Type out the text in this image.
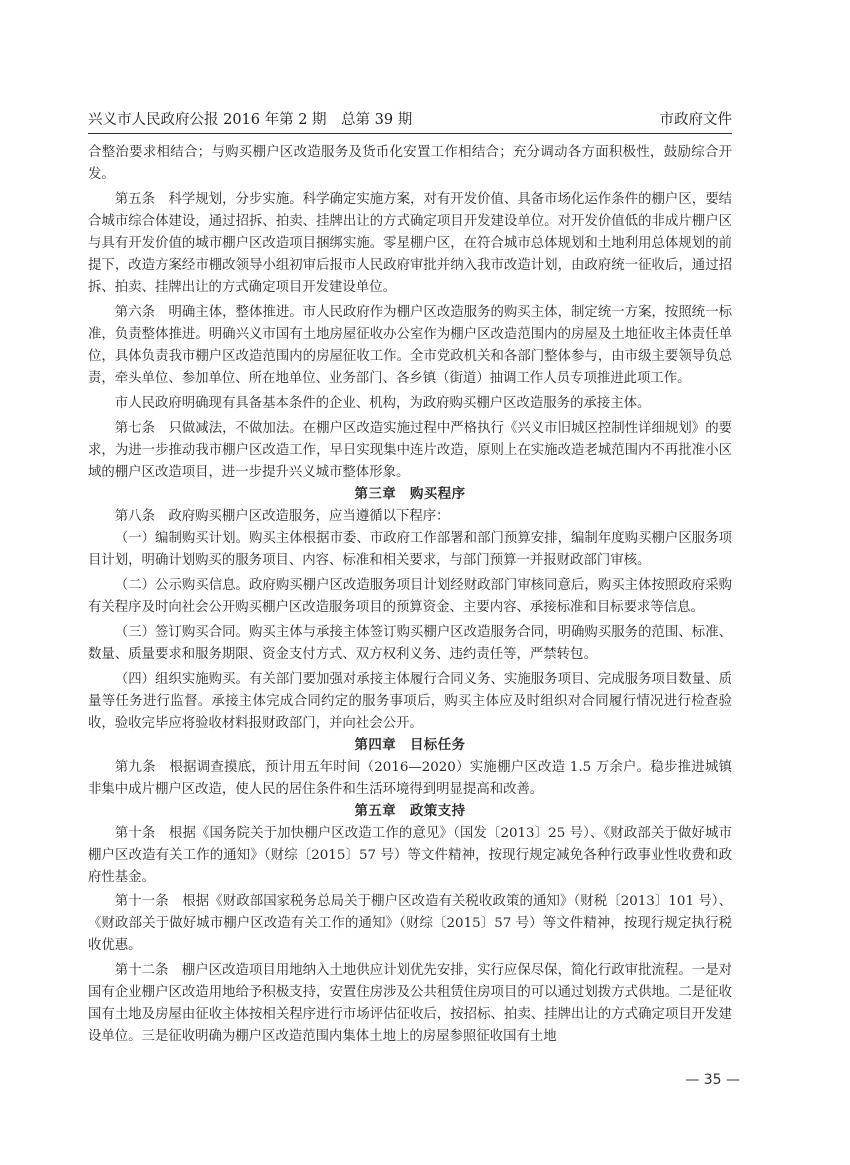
兴义市人民政府公报 2016 年第 2 期　总第 39 期	市政府文件

合整治要求相结合；与购买棚户区改造服务及货币化安置工作相结合；充分调动各方面积极性，鼓励综合开发。

第五条　科学规划，分步实施。科学确定实施方案，对有开发价值、具备市场化运作条件的棚户区，要结合城市综合体建设，通过招拆、拍卖、挂牌出让的方式确定项目开发建设单位。对开发价值低的非成片棚户区与具有开发价值的城市棚户区改造项目捆绑实施。零星棚户区，在符合城市总体规划和土地利用总体规划的前提下，改造方案经市棚改领导小组初审后报市人民政府审批并纳入我市改造计划，由政府统一征收后，通过招拆、拍卖、挂牌出让的方式确定项目开发建设单位。

第六条　明确主体，整体推进。市人民政府作为棚户区改造服务的购买主体，制定统一方案，按照统一标准，负责整体推进。明确兴义市国有土地房屋征收办公室作为棚户区改造范围内的房屋及土地征收主体责任单位，具体负责我市棚户区改造范围内的房屋征收工作。全市党政机关和各部门整体参与，由市级主要领导负总责，牵头单位、参加单位、所在地单位、业务部门、各乡镇（街道）抽调工作人员专项推进此项工作。

市人民政府明确现有具备基本条件的企业、机构，为政府购买棚户区改造服务的承接主体。

第七条　只做减法，不做加法。在棚户区改造实施过程中严格执行《兴义市旧城区控制性详细规划》的要求，为进一步推动我市棚户区改造工作，早日实现集中连片改造，原则上在实施改造老城范围内不再批准小区域的棚户区改造项目，进一步提升兴义城市整体形象。

第三章　购买程序

第八条　政府购买棚户区改造服务，应当遵循以下程序：

（一）编制购买计划。购买主体根据市委、市政府工作部署和部门预算安排，编制年度购买棚户区服务项目计划，明确计划购买的服务项目、内容、标准和相关要求，与部门预算一并报财政部门审核。

（二）公示购买信息。政府购买棚户区改造服务项目计划经财政部门审核同意后，购买主体按照政府采购有关程序及时向社会公开购买棚户区改造服务项目的预算资金、主要内容、承接标准和目标要求等信息。

（三）签订购买合同。购买主体与承接主体签订购买棚户区改造服务合同，明确购买服务的范围、标准、数量、质量要求和服务期限、资金支付方式、双方权利义务、违约责任等，严禁转包。

（四）组织实施购买。有关部门要加强对承接主体履行合同义务、实施服务项目、完成服务项目数量、质量等任务进行监督。承接主体完成合同约定的服务事项后，购买主体应及时组织对合同履行情况进行检查验收，验收完毕应将验收材料报财政部门，并向社会公开。

第四章　目标任务

第九条　根据调查摸底，预计用五年时间（2016—2020）实施棚户区改造 1.5 万余户。稳步推进城镇非集中成片棚户区改造，使人民的居住条件和生活环境得到明显提高和改善。

第五章　政策支持

第十条　根据《国务院关于加快棚户区改造工作的意见》（国发〔2013〕25 号）、《财政部关于做好城市棚户区改造有关工作的通知》（财综〔2015〕57 号）等文件精神，按现行规定减免各种行政事业性收费和政府性基金。

第十一条　根据《财政部国家税务总局关于棚户区改造有关税收政策的通知》（财税〔2013〕101 号）、《财政部关于做好城市棚户区改造有关工作的通知》（财综〔2015〕57 号）等文件精神，按现行规定执行税收优惠。

第十二条　棚户区改造项目用地纳入土地供应计划优先安排，实行应保尽保，简化行政审批流程。一是对国有企业棚户区改造用地给予积极支持，安置住房涉及公共租赁住房项目的可以通过划拨方式供地。二是征收国有土地及房屋由征收主体按相关程序进行市场评估征收后，按招标、拍卖、挂牌出让的方式确定项目开发建设单位。三是征收明确为棚户区改造范围内集体土地上的房屋参照征收国有土地

— 35 —
